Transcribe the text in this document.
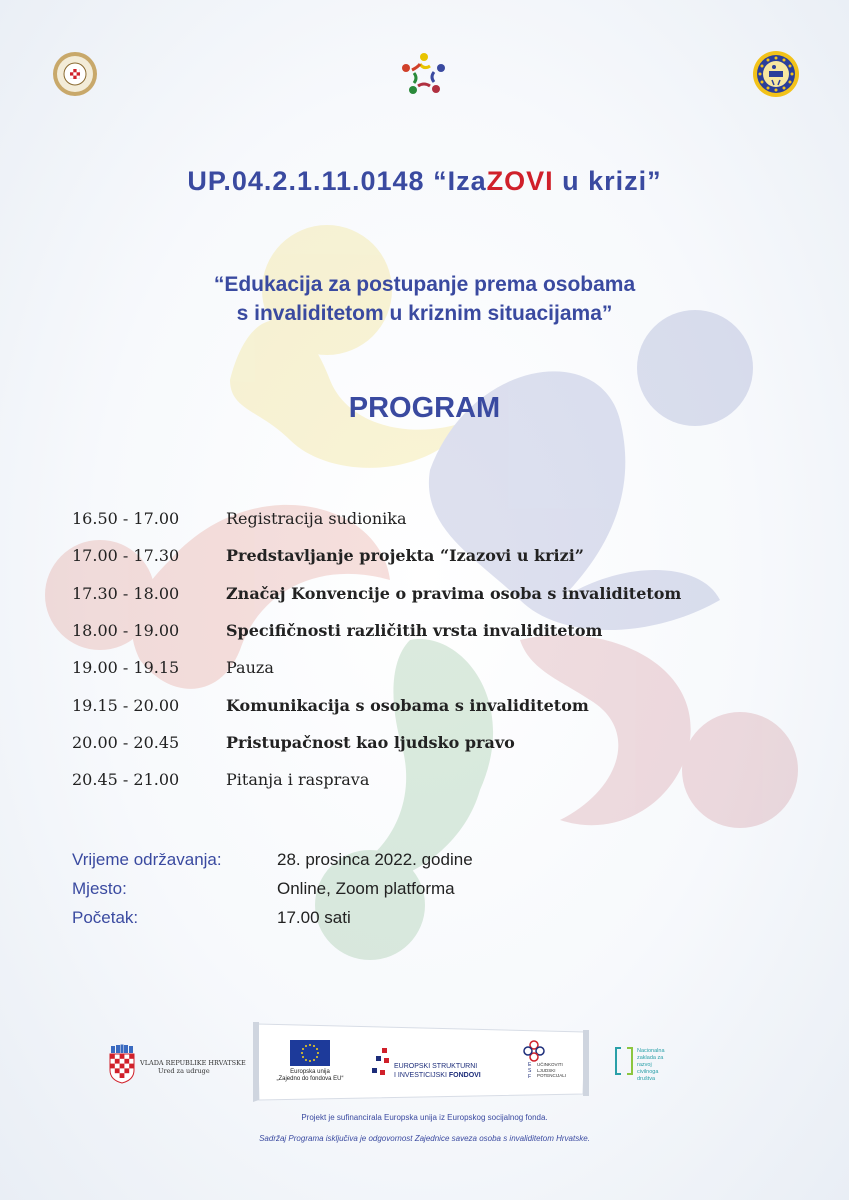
UP.04.2.1.11.0148 “IzaZOVI u krizi”
“Edukacija za postupanje prema osobama
s invaliditetom u kriznim situacijama”
PROGRAM
16.50 - 17.00	Registracija sudionika
17.00 - 17.30	Predstavljanje projekta “Izazovi u krizi”
17.30 - 18.00	Značaj Konvencije o pravima osoba s invaliditetom
18.00 - 19.00	Specifičnosti različitih vrsta invaliditetom
19.00 - 19.15	Pauza
19.15 - 20.00	Komunikacija s osobama s invaliditetom
20.00 - 20.45	Pristupačnost kao ljudsko pravo
20.45 - 21.00	Pitanja i rasprava
Vrijeme održavanja:	28. prosinca 2022. godine
Mjesto:	Online, Zoom platforma
Početak:	17.00 sati
VLADA REPUBLIKE HRVATSKE
Ured za udruge	Europska unija
„Zajedno do fondova EU“
EUROPSKI STRUKTURNI
I INVESTICIJSKI FONDOVI
E S F
UČINKOVITI
LJUDSKI
POTENCIJALI
Nacionalna
zaklada za
razvoj
civilnoga
društva
Projekt je sufinancirala Europska unija iz Europskog socijalnog fonda.
Sadržaj Programa isključiva je odgovornost Zajednice saveza osoba s invaliditetom Hrvatske.
